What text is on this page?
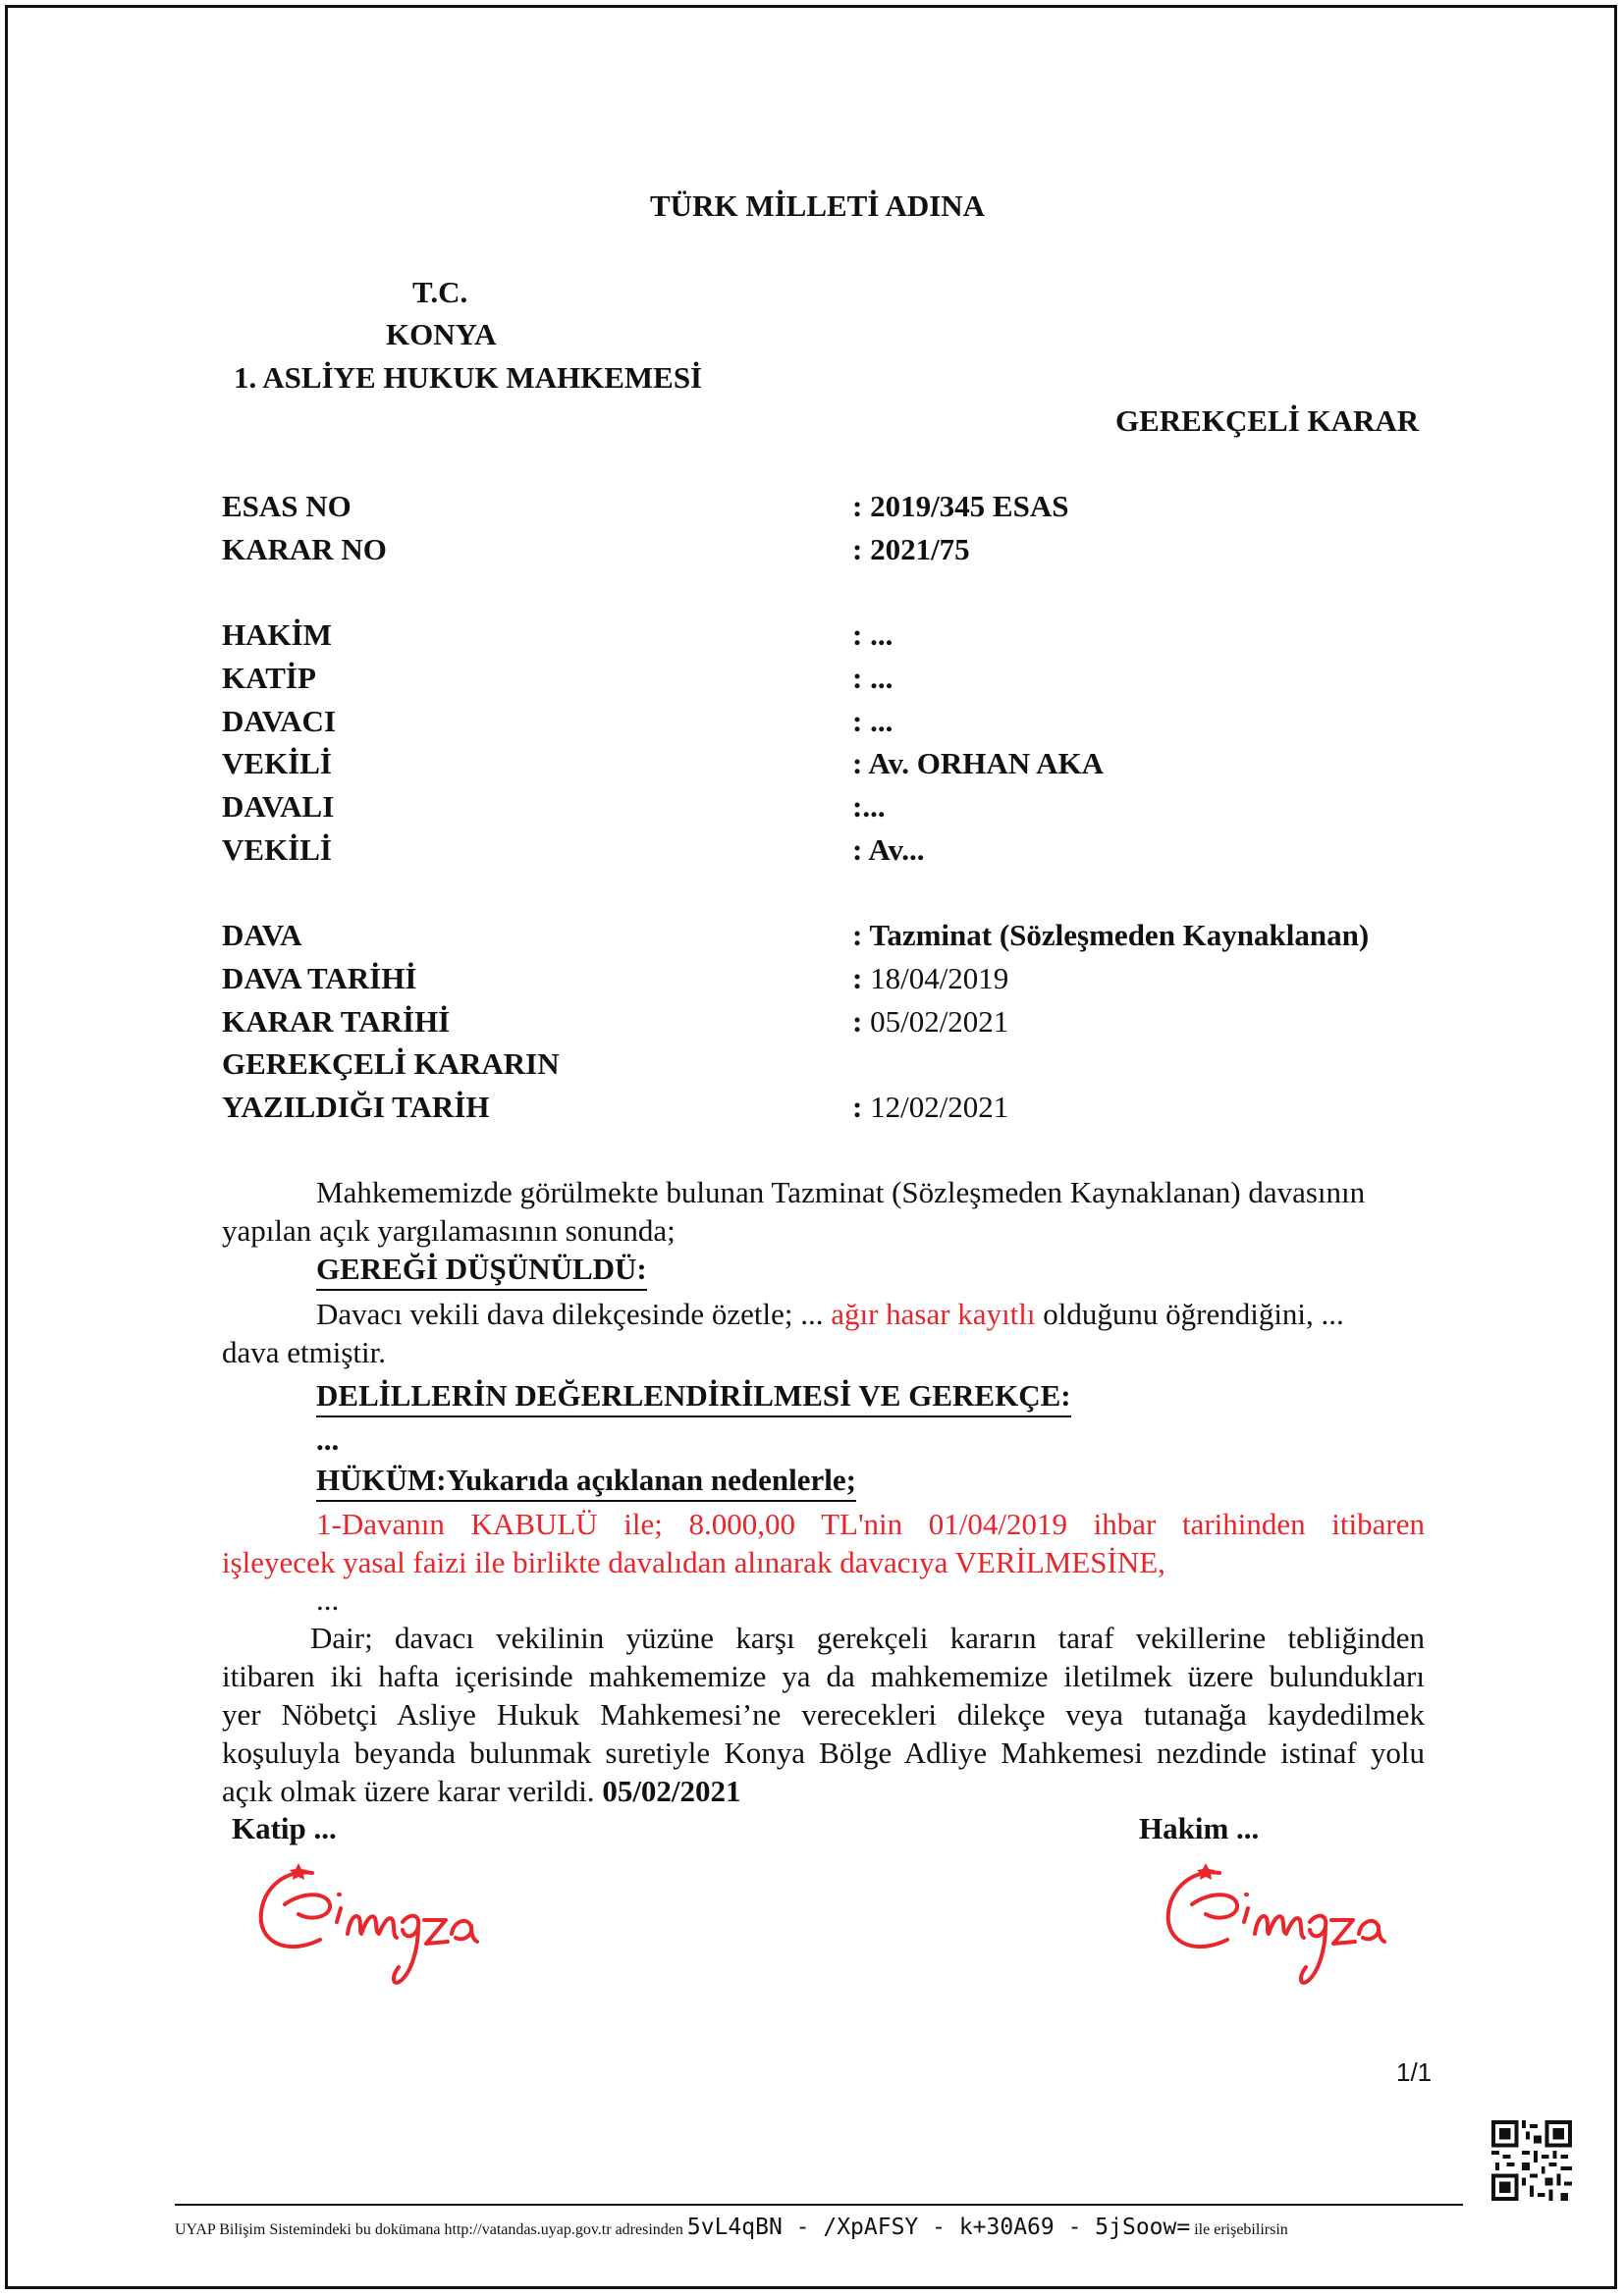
TÜRK MİLLETİ ADINA
T.C.
KONYA
1. ASLİYE HUKUK MAHKEMESİ
GEREKÇELİ KARAR
ESAS NO	: 2019/345 ESAS
KARAR NO	: 2021/75
HAKİM	: ...
KATİP	: ...
DAVACI	: ...
VEKİLİ	: Av. ORHAN AKA
DAVALI	:...
VEKİLİ	: Av...
DAVA	: Tazminat (Sözleşmeden Kaynaklanan)
DAVA TARİHİ	: 18/04/2019
KARAR TARİHİ	: 05/02/2021
GEREKÇELİ KARARIN
YAZILDIĞI TARİH	: 12/02/2021
Mahkememizde görülmekte bulunan Tazminat (Sözleşmeden Kaynaklanan) davasının
yapılan açık yargılamasının sonunda;
GEREĞİ DÜŞÜNÜLDÜ:
Davacı vekili dava dilekçesinde özetle; ... ağır hasar kayıtlı olduğunu öğrendiğini, ...
dava etmiştir.
DELİLLERİN DEĞERLENDİRİLMESİ VE GEREKÇE:
...
HÜKÜM:Yukarıda açıklanan nedenlerle;
1-Davanın KABULÜ ile; 8.000,00 TL'nin 01/04/2019 ihbar tarihinden itibaren
işleyecek yasal faizi ile birlikte davalıdan alınarak davacıya VERİLMESİNE,
...
Dair; davacı vekilinin yüzüne karşı gerekçeli kararın taraf vekillerine tebliğinden
itibaren iki hafta içerisinde mahkememize ya da mahkememize iletilmek üzere bulundukları
yer Nöbetçi Asliye Hukuk Mahkemesi’ne verecekleri dilekçe veya tutanağa kaydedilmek
koşuluyla beyanda bulunmak suretiyle Konya Bölge Adliye Mahkemesi nezdinde istinaf yolu
açık olmak üzere karar verildi. 05/02/2021
Katip ...	Hakim ...
1/1
UYAP Bilişim Sistemindeki bu dokümana http://vatandas.uyap.gov.tr adresinden 5vL4qBN - /XpAFSY - k+30A69 - 5jSoow= ile erişebilirsin
